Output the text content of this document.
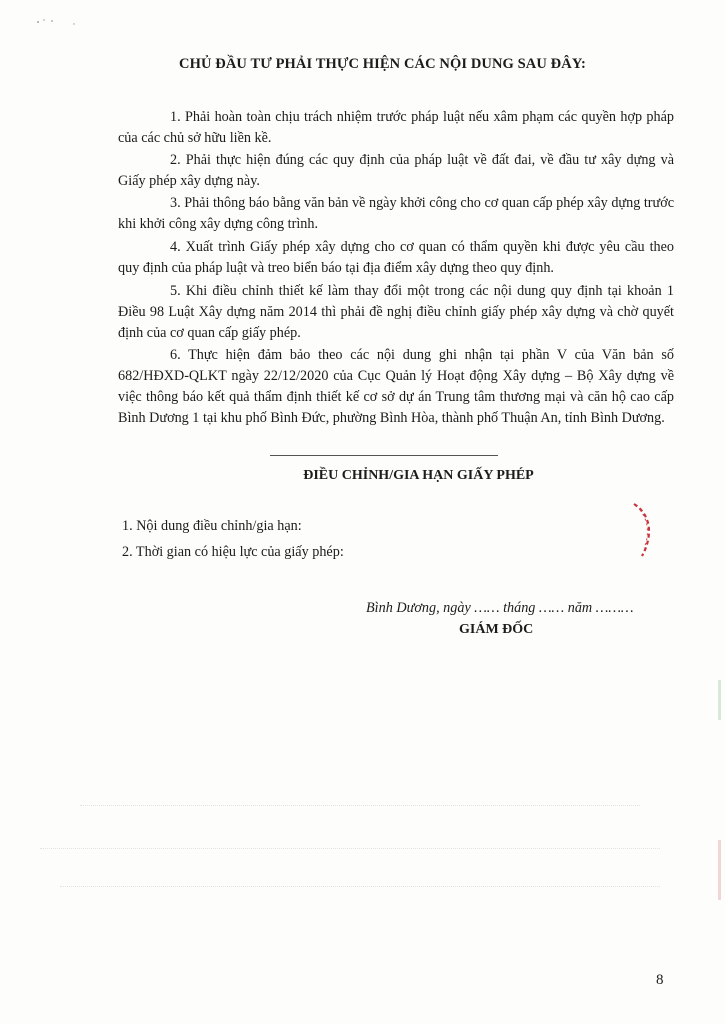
CHỦ ĐẦU TƯ PHẢI THỰC HIỆN CÁC NỘI DUNG SAU ĐÂY:

1. Phải hoàn toàn chịu trách nhiệm trước pháp luật nếu xâm phạm các quyền hợp pháp của các chủ sở hữu liền kề.

2. Phải thực hiện đúng các quy định của pháp luật về đất đai, về đầu tư xây dựng và Giấy phép xây dựng này.

3. Phải thông báo bằng văn bản về ngày khởi công cho cơ quan cấp phép xây dựng trước khi khởi công xây dựng công trình.

4. Xuất trình Giấy phép xây dựng cho cơ quan có thẩm quyền khi được yêu cầu theo quy định của pháp luật và treo biển báo tại địa điểm xây dựng theo quy định.

5. Khi điều chỉnh thiết kế làm thay đổi một trong các nội dung quy định tại khoản 1 Điều 98 Luật Xây dựng năm 2014 thì phải đề nghị điều chỉnh giấy phép xây dựng và chờ quyết định của cơ quan cấp giấy phép.

6. Thực hiện đảm bảo theo các nội dung ghi nhận tại phần V của Văn bản số 682/HĐXD-QLKT ngày 22/12/2020 của Cục Quản lý Hoạt động Xây dựng – Bộ Xây dựng về việc thông báo kết quả thẩm định thiết kế cơ sở dự án Trung tâm thương mại và căn hộ cao cấp Bình Dương 1 tại khu phố Bình Đức, phường Bình Hòa, thành phố Thuận An, tỉnh Bình Dương.

ĐIỀU CHỈNH/GIA HẠN GIẤY PHÉP
1. Nội dung điều chỉnh/gia hạn:
2. Thời gian có hiệu lực của giấy phép:
Bình Dương, ngày …… tháng …… năm ………
GIÁM ĐỐC
8
